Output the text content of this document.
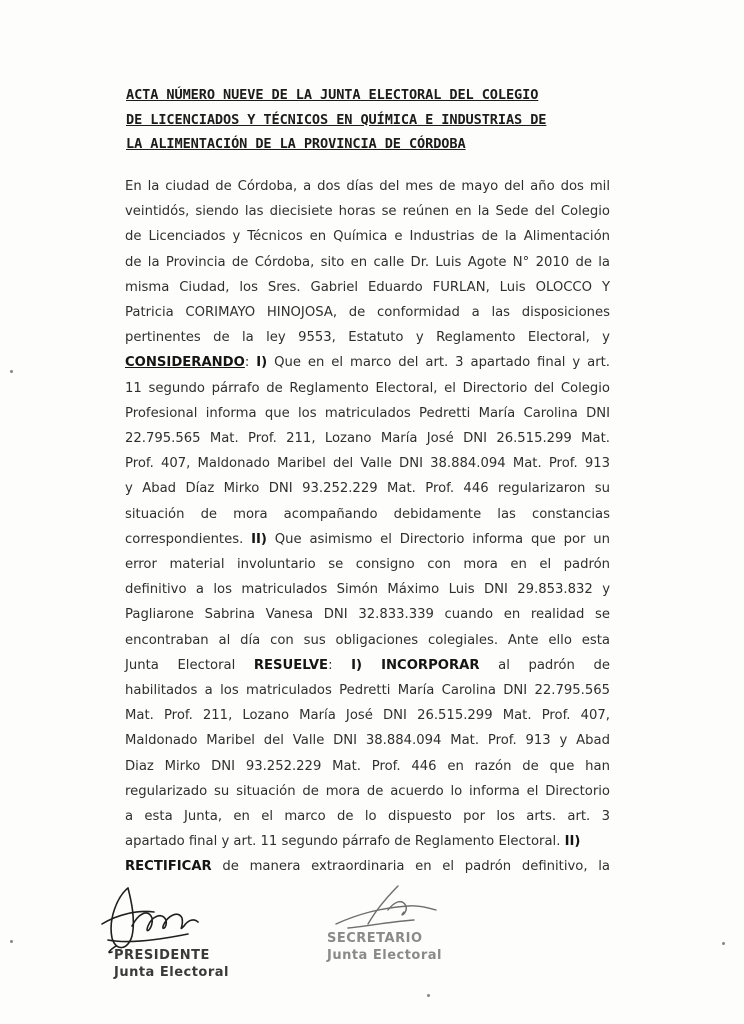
ACTA NÚMERO NUEVE DE LA JUNTA ELECTORAL DEL COLEGIO
DE LICENCIADOS Y TÉCNICOS EN QUÍMICA E INDUSTRIAS DE
LA ALIMENTACIÓN DE LA PROVINCIA DE CÓRDOBA
En la ciudad de Córdoba, a dos días del mes de mayo del año dos mil
veintidós, siendo las diecisiete horas se reúnen en la Sede del Colegio
de Licenciados y Técnicos en Química e Industrias de la Alimentación
de la Provincia de Córdoba, sito en calle Dr. Luis Agote N° 2010 de la
misma Ciudad, los Sres. Gabriel Eduardo FURLAN, Luis OLOCCO Y
Patricia CORIMAYO HINOJOSA, de conformidad a las disposiciones
pertinentes de la ley 9553, Estatuto y Reglamento Electoral, y
CONSIDERANDO: I) Que en el marco del art. 3 apartado final y art.
11 segundo párrafo de Reglamento Electoral, el Directorio del Colegio
Profesional informa que los matriculados Pedretti María Carolina DNI
22.795.565 Mat. Prof. 211, Lozano María José DNI 26.515.299 Mat.
Prof. 407, Maldonado Maribel del Valle DNI 38.884.094 Mat. Prof. 913
y Abad Díaz Mirko DNI 93.252.229 Mat. Prof. 446 regularizaron su
situación de mora acompañando debidamente las constancias
correspondientes. II) Que asimismo el Directorio informa que por un
error material involuntario se consigno con mora en el padrón
definitivo a los matriculados Simón Máximo Luis DNI 29.853.832 y
Pagliarone Sabrina Vanesa DNI 32.833.339 cuando en realidad se
encontraban al día con sus obligaciones colegiales. Ante ello esta
Junta Electoral RESUELVE: I) INCORPORAR al padrón de
habilitados a los matriculados Pedretti María Carolina DNI 22.795.565
Mat. Prof. 211, Lozano María José DNI 26.515.299 Mat. Prof. 407,
Maldonado Maribel del Valle DNI 38.884.094 Mat. Prof. 913 y Abad
Diaz Mirko DNI 93.252.229 Mat. Prof. 446 en razón de que han
regularizado su situación de mora de acuerdo lo informa el Directorio
a esta Junta, en el marco de lo dispuesto por los arts. art. 3
apartado final y art. 11 segundo párrafo de Reglamento Electoral. II)
RECTIFICAR de manera extraordinaria en el padrón definitivo, la
PRESIDENTE
Junta Electoral
SECRETARIO
Junta Electoral
